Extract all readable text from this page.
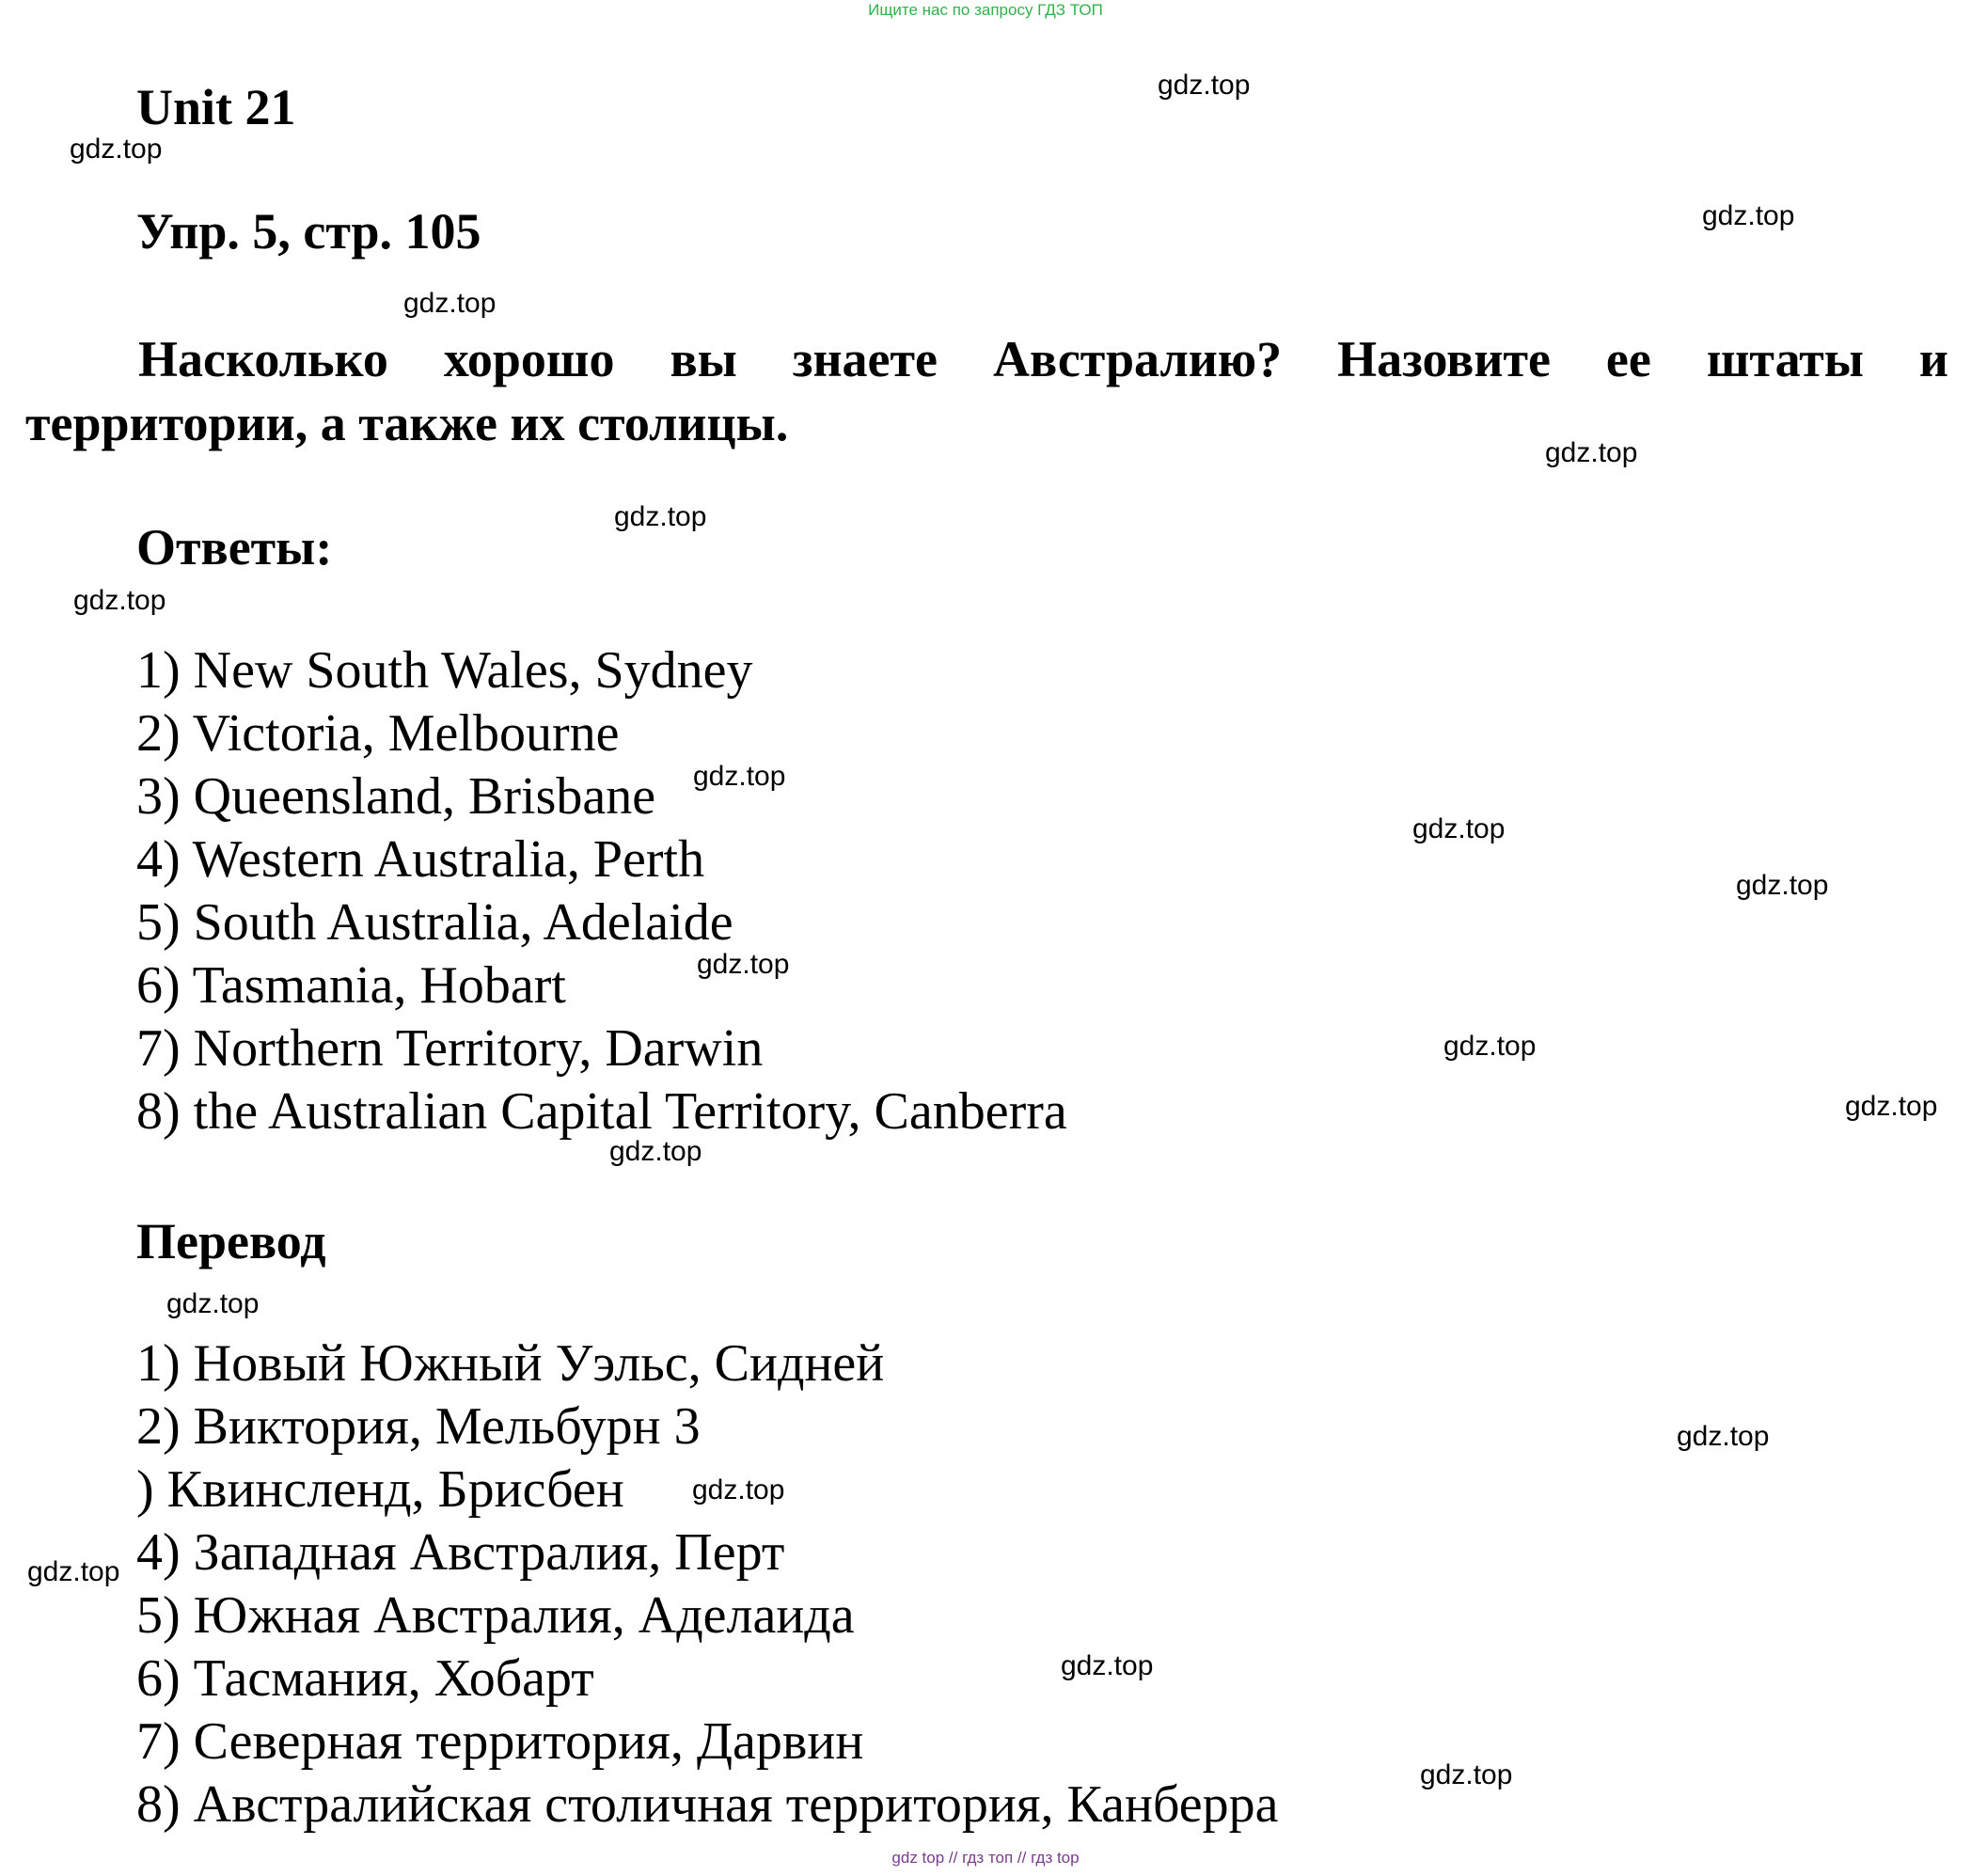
Ищите нас по запросу ГДЗ ТОП
Unit 21
Упр. 5, стр. 105

Насколько хорошо вы знаете Австралию? Назовите ее штаты и
территории, а также их столицы.

Ответы:
1) New South Wales, Sydney
2) Victoria, Melbourne
3) Queensland, Brisbane
4) Western Australia, Perth
5) South Australia, Adelaide
6) Tasmania, Hobart
7) Northern Territory, Darwin
8) the Australian Capital Territory, Canberra
Перевод
1) Новый Южный Уэльс, Сидней
2) Виктория, Мельбурн 3
) Квинсленд, Брисбен
4) Западная Австралия, Перт
5) Южная Австралия, Аделаида
6) Тасмания, Хобарт
7) Северная территория, Дарвин
8) Австралийская столичная территория, Канберра
gdz.top
gdz.top
gdz.top
gdz.top
gdz.top
gdz.top
gdz.top
gdz.top
gdz.top
gdz.top
gdz.top
gdz.top
gdz.top
gdz.top
gdz.top
gdz.top
gdz.top
gdz.top
gdz.top
gdz.top
gdz top // гдз топ // гдз top
